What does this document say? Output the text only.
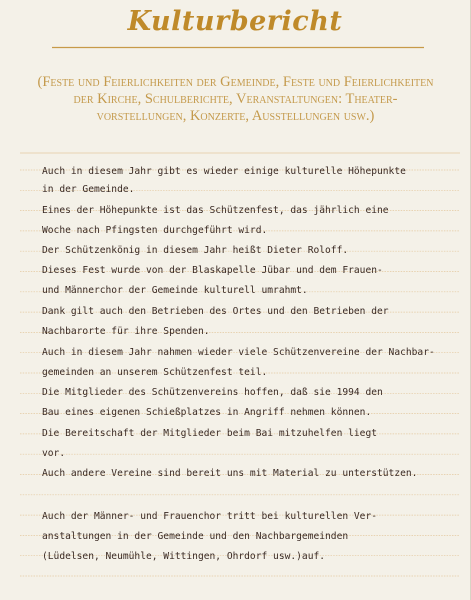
Kulturbericht
(Feste und Feierlichkeiten der Gemeinde, Feste und Feierlichkeiten
der Kirche, Schulberichte, Veranstaltungen: Theater-
vorstellungen, Konzerte, Ausstellungen usw.)
Auch in diesem Jahr gibt es wieder einige kulturelle Höhepunkte
in der Gemeinde.
Eines der Höhepunkte ist das Schützenfest, das jährlich eine
Woche nach Pfingsten durchgeführt wird.
Der Schützenkönig in diesem Jahr heißt Dieter Roloff.
Dieses Fest wurde von der Blaskapelle Jübar und dem Frauen-
und Männerchor der Gemeinde kulturell umrahmt.
Dank gilt auch den Betrieben des Ortes und den Betrieben der
Nachbarorte für ihre Spenden.
Auch in diesem Jahr nahmen wieder viele Schützenvereine der Nachbar-
gemeinden an unserem Schützenfest teil.
Die Mitglieder des Schützenvereins hoffen, daß sie 1994 den
Bau eines eigenen Schießplatzes in Angriff nehmen können.
Die Bereitschaft der Mitglieder beim Bai mitzuhelfen liegt
vor.
Auch andere Vereine sind bereit uns mit Material zu unterstützen.
Auch der Männer- und Frauenchor tritt bei kulturellen Ver-
anstaltungen in der Gemeinde und den Nachbargemeinden
(Lüdelsen, Neumühle, Wittingen, Ohrdorf usw.)auf.
